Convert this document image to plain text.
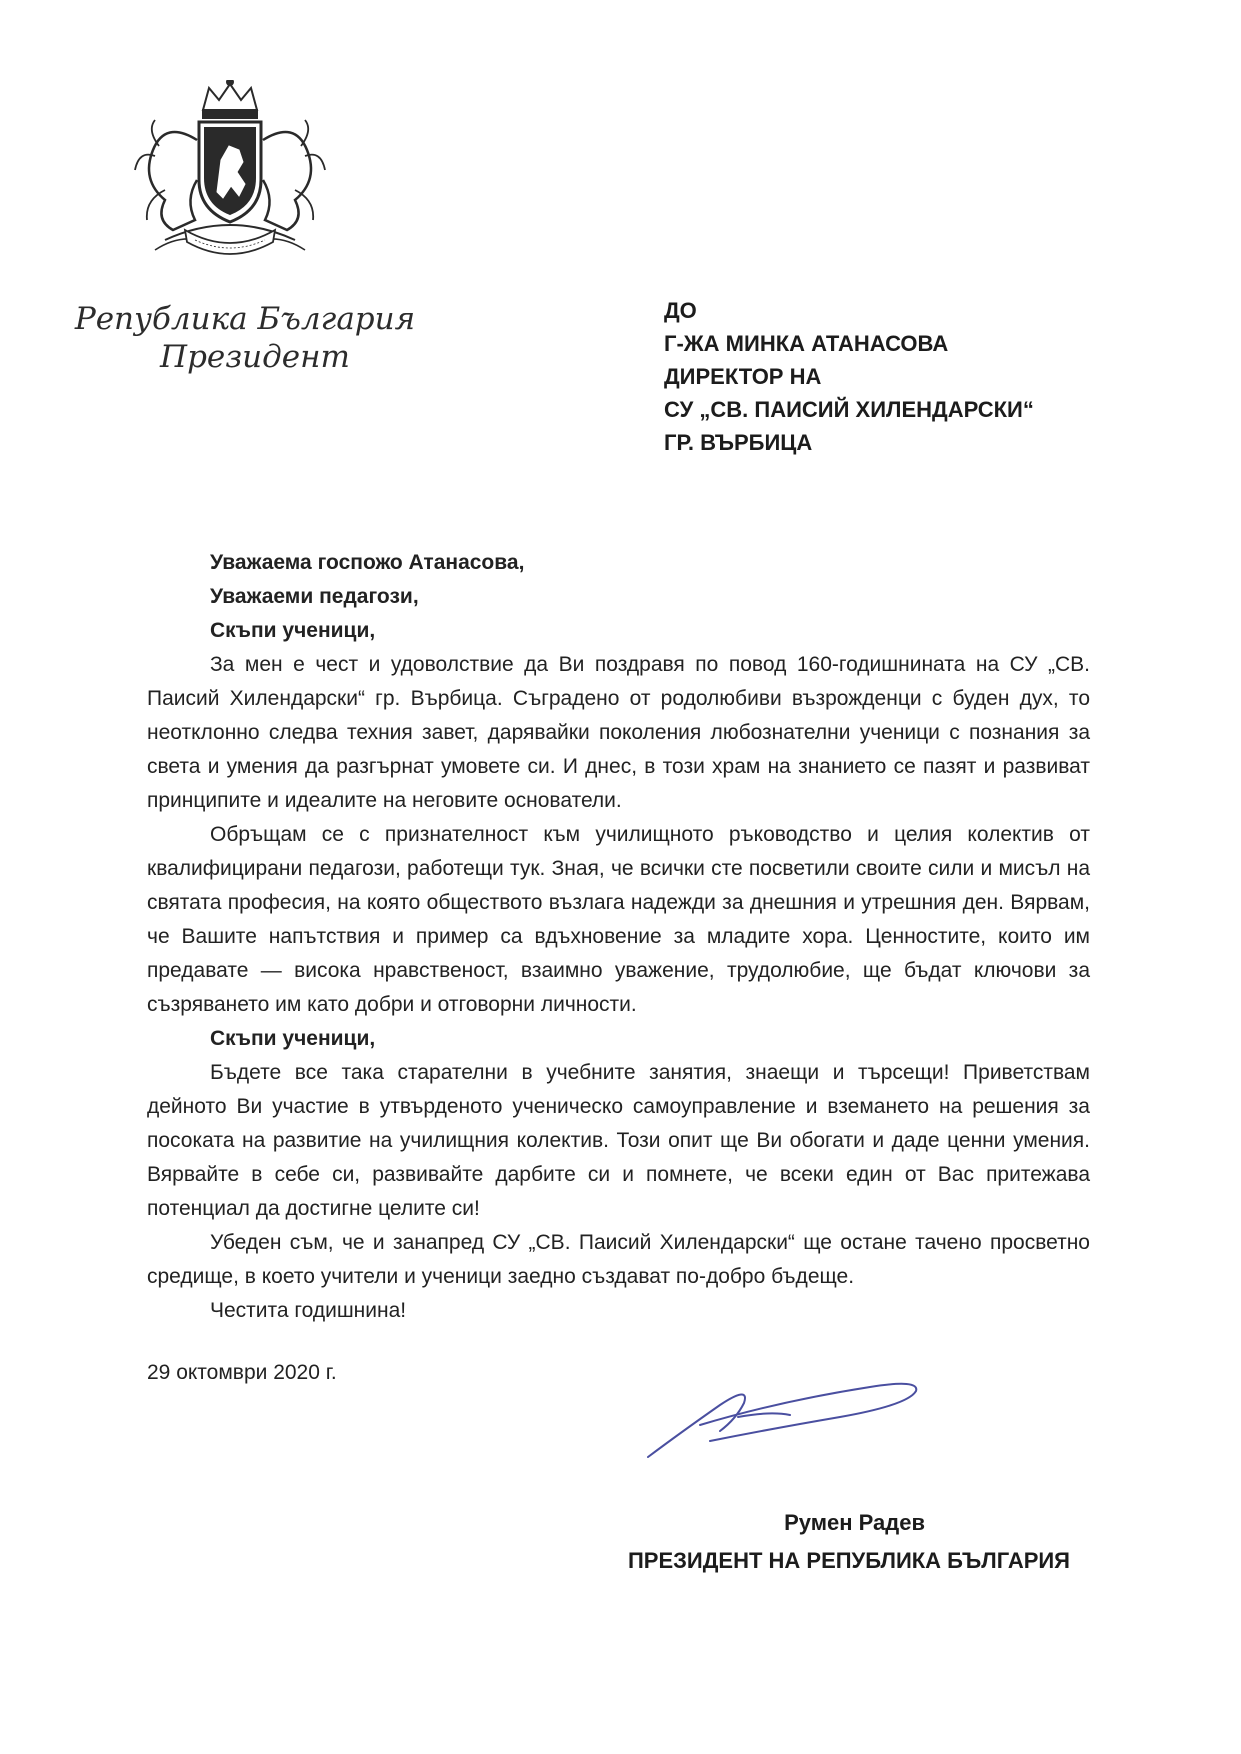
Република България
Президент
ДО
Г-ЖА МИНКА АТАНАСОВА
ДИРЕКТОР НА
СУ „СВ. ПАИСИЙ ХИЛЕНДАРСКИ“
ГР. ВЪРБИЦА
Уважаема госпожо Атанасова,
Уважаеми педагози,
Скъпи ученици,

За мен е чест и удоволствие да Ви поздравя по повод 160-годишнината на СУ „СВ. Паисий Хилендарски“ гр. Върбица. Съградено от родолюбиви възрожденци с буден дух, то неотклонно следва техния завет, дарявайки поколения любознателни ученици с познания за света и умения да разгърнат умовете си. И днес, в този храм на знанието се пазят и развиват принципите и идеалите на неговите основатели.

Обръщам се с признателност към училищното ръководство и целия колектив от квалифицирани педагози, работещи тук. Зная, че всички сте посветили своите сили и мисъл на святата професия, на която обществото възлага надежди за днешния и утрешния ден. Вярвам, че Вашите напътствия и пример са вдъхновение за младите хора. Ценностите, които им предавате — висока нравственост, взаимно уважение, трудолюбие, ще бъдат ключови за съзряването им като добри и отговорни личности.

Скъпи ученици,

Бъдете все така старателни в учебните занятия, знаещи и търсещи! Приветствам дейното Ви участие в утвърденото ученическо самоуправление и вземането на решения за посоката на развитие на училищния колектив. Този опит ще Ви обогати и даде ценни умения. Вярвайте в себе си, развивайте дарбите си и помнете, че всеки един от Вас притежава потенциал да достигне целите си!

Убеден съм, че и занапред СУ „СВ. Паисий Хилендарски“ ще остане тачено просветно средище, в което учители и ученици заедно създават по-добро бъдеще.

Честита годишнина!

29 октомври 2020 г.
Румен Радев
ПРЕЗИДЕНТ НА РЕПУБЛИКА БЪЛГАРИЯ
